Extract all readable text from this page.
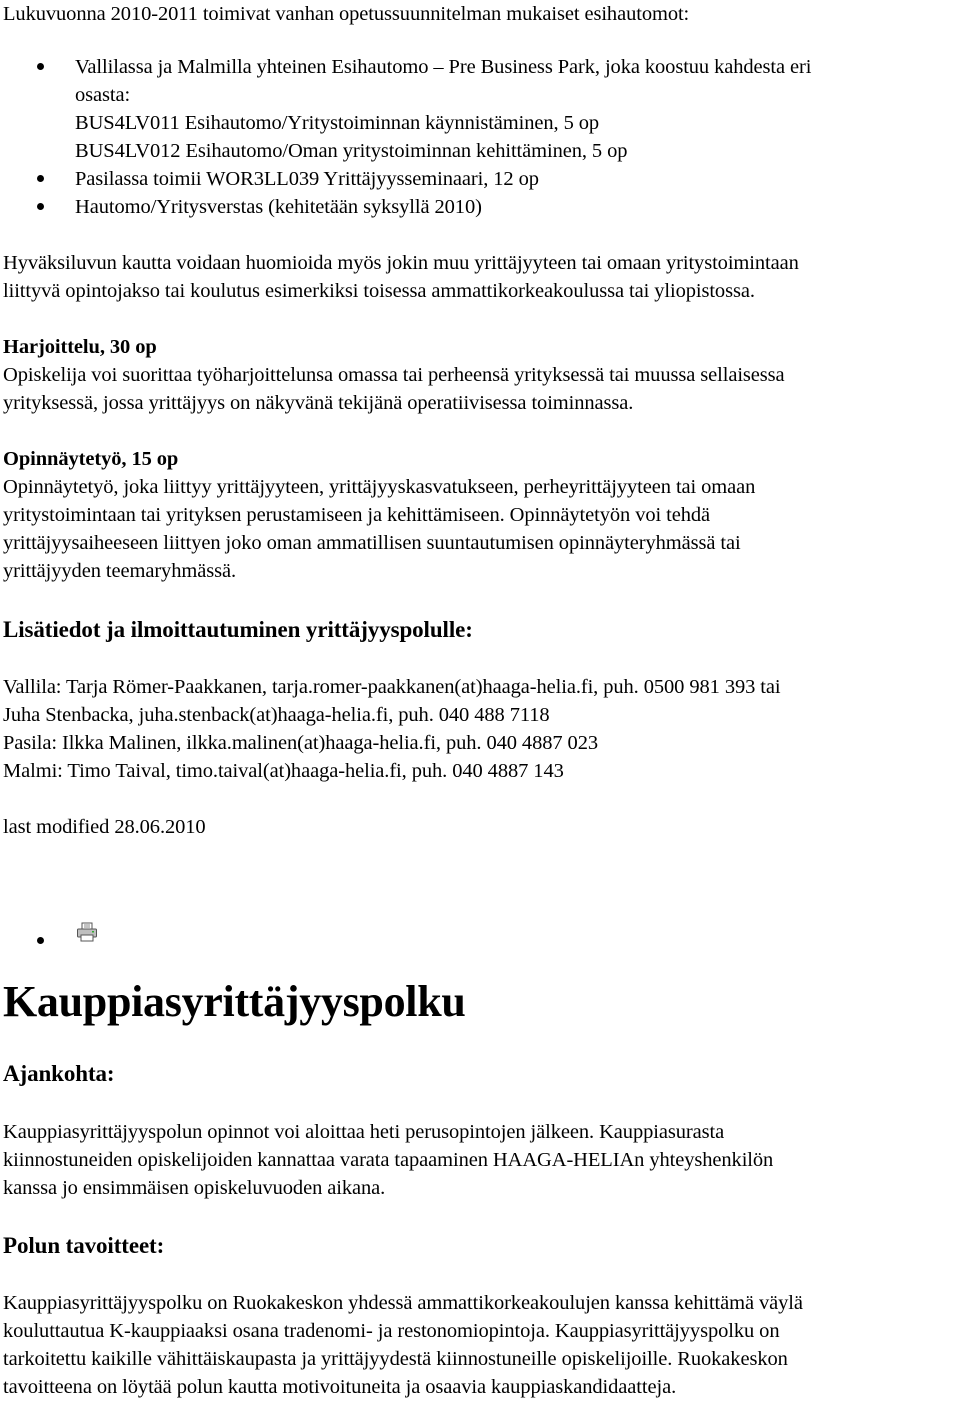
Lukuvuonna 2010-2011 toimivat vanhan opetussuunnitelman mukaiset esihautomot:
Vallilassa ja Malmilla yhteinen Esihautomo – Pre Business Park, joka koostuu kahdesta eri
osasta:
BUS4LV011 Esihautomo/Yritystoiminnan käynnistäminen, 5 op
BUS4LV012 Esihautomo/Oman yritystoiminnan kehittäminen, 5 op
Pasilassa toimii WOR3LL039 Yrittäjyysseminaari, 12 op
Hautomo/Yritysverstas (kehitetään syksyllä 2010)
Hyväksiluvun kautta voidaan huomioida myös jokin muu yrittäjyyteen tai omaan yritystoimintaan
liittyvä opintojakso tai koulutus esimerkiksi toisessa ammattikorkeakoulussa tai yliopistossa.
Harjoittelu, 30 op
Opiskelija voi suorittaa työharjoittelunsa omassa tai perheensä yrityksessä tai muussa sellaisessa
yrityksessä, jossa yrittäjyys on näkyvänä tekijänä operatiivisessa toiminnassa.
Opinnäytetyö, 15 op
Opinnäytetyö, joka liittyy yrittäjyyteen, yrittäjyyskasvatukseen, perheyrittäjyyteen tai omaan
yritystoimintaan tai yrityksen perustamiseen ja kehittämiseen. Opinnäytetyön voi tehdä
yrittäjyysaiheeseen liittyen joko oman ammatillisen suuntautumisen opinnäyteryhmässä tai
yrittäjyyden teemaryhmässä.
Lisätiedot ja ilmoittautuminen yrittäjyyspolulle:
Vallila: Tarja Römer-Paakkanen, tarja.romer-paakkanen(at)haaga-helia.fi, puh. 0500 981 393 tai
Juha Stenbacka, juha.stenback(at)haaga-helia.fi, puh. 040 488 7118
Pasila: Ilkka Malinen, ilkka.malinen(at)haaga-helia.fi, puh. 040 4887 023
Malmi: Timo Taival, timo.taival(at)haaga-helia.fi, puh. 040 4887 143
last modified 28.06.2010
Kauppiasyrittäjyyspolku
Ajankohta:
Kauppiasyrittäjyyspolun opinnot voi aloittaa heti perusopintojen jälkeen. Kauppiasurasta
kiinnostuneiden opiskelijoiden kannattaa varata tapaaminen HAAGA-HELIAn yhteyshenkilön
kanssa jo ensimmäisen opiskeluvuoden aikana.
Polun tavoitteet:
Kauppiasyrittäjyyspolku on Ruokakeskon yhdessä ammattikorkeakoulujen kanssa kehittämä väylä
kouluttautua K-kauppiaaksi osana tradenomi- ja restonomiopintoja. Kauppiasyrittäjyyspolku on
tarkoitettu kaikille vähittäiskaupasta ja yrittäjyydestä kiinnostuneille opiskelijoille. Ruokakeskon
tavoitteena on löytää polun kautta motivoituneita ja osaavia kauppiaskandidaatteja.
